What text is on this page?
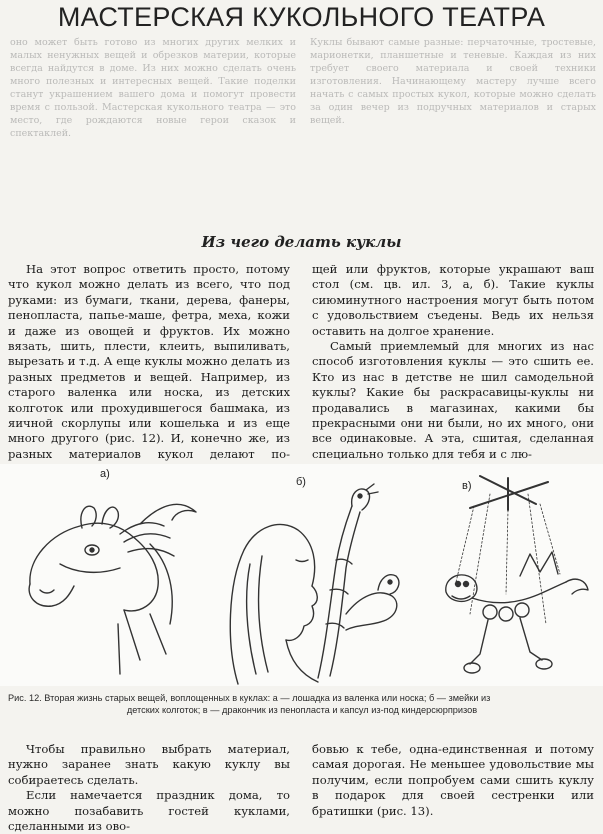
МАСТЕРСКАЯ КУКОЛЬНОГО ТЕАТРА
оно может быть готово из многих других мелких и малых ненужных вещей и обрезков материи, которые всегда найдутся в доме. Из них можно сделать очень много полезных и интересных вещей. Такие поделки станут украшением вашего дома и помогут провести время с пользой. Мастерская кукольного театра — это место, где рождаются новые герои сказок и спектаклей.
Куклы бывают самые разные: перчаточные, тростевые, марионетки, планшетные и теневые. Каждая из них требует своего материала и своей техники изготовления. Начинающему мастеру лучше всего начать с самых простых кукол, которые можно сделать за один вечер из подручных материалов и старых вещей.
Из чего делать куклы

На этот вопрос ответить просто, потому что кукол можно делать из всего, что под руками: из бумаги, ткани, дерева, фанеры, пенопласта, папье-маше, фетра, меха, кожи и даже из овощей и фруктов. Их можно вязать, шить, плести, клеить, выпиливать, вырезать и т.д. А еще куклы можно делать из разных предметов и вещей. Например, из старого валенка или носка, из детских колготок или прохудившегося башмака, из яичной скорлупы или кошелька и из еще много другого (рис. 12). И, конечно же, из разных материалов кукол делают по-

щей или фруктов, которые украшают ваш стол (см. цв. ил. 3, а, б). Такие куклы сиюминутного настроения могут быть потом с удовольствием съедены. Ведь их нельзя оставить на долгое хранение.

Самый приемлемый для многих из нас способ изготовления куклы — это сшить ее. Кто из нас в детстве не шил самодельной куклы? Какие бы раскрасавицы-куклы ни продавались в магазинах, какими бы прекрасными они ни были, но их много, они все одинаковые. А эта, сшитая, сделанная специально только для тебя и с лю-

а)
б)	в)
Рис. 12. Вторая жизнь старых вещей, воплощенных в куклах: а — лошадка из валенка или носка; б — змейки из
детских колготок; в — дракончик из пенопласта и капсул из-под киндерсюрпризов

Чтобы правильно выбрать материал, нужно заранее знать какую куклу вы собираетесь сделать.

Если намечается праздник дома, то можно позабавить гостей куклами, сделанными из ово-

бовью к тебе, одна-единственная и потому самая дорогая. Не меньшее удовольствие мы получим, если попробуем сами сшить куклу в подарок для своей сестренки или братишки (рис. 13).
